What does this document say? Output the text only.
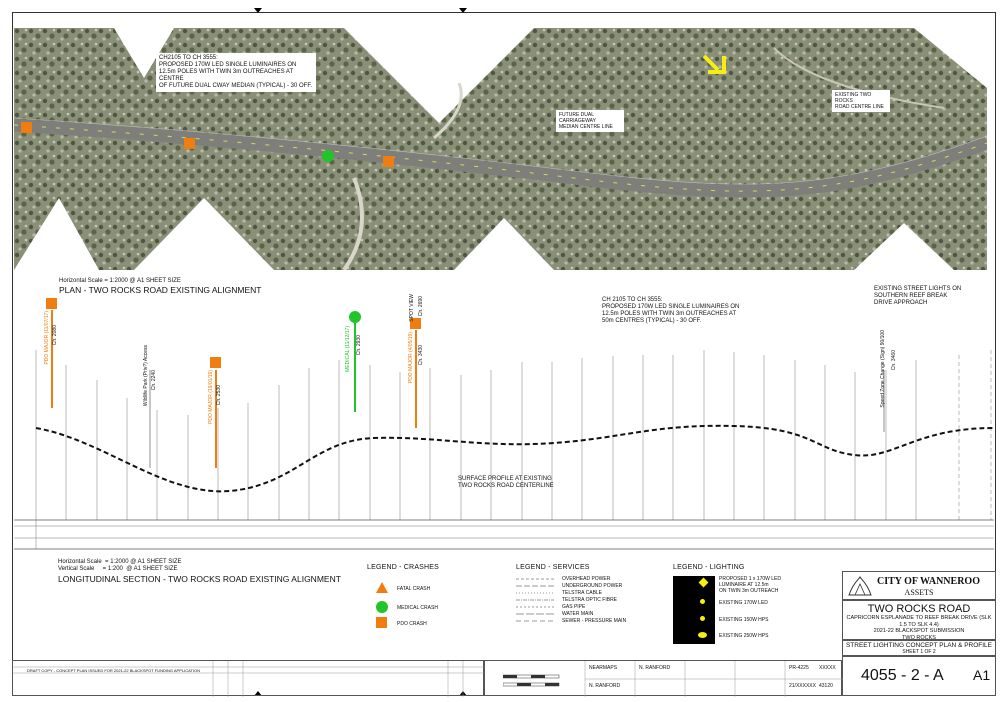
CH2105 TO CH 3555:
PROPOSED 170W LED SINGLE LUMINAIRES ON
12.5m POLES WITH TWIN 3m OUTREACHES AT CENTRE
OF FUTURE DUAL CWAY MEDIAN (TYPICAL) - 30 OFF.
FUTURE DUAL CARRIAGEWAY
MEDIAN CENTRE LINE
EXISTING TWO ROCKS
ROAD CENTRE LINE
Horizontal Scale = 1:2000 @ A1 SHEET SIZE
PLAN - TWO ROCKS ROAD EXISTING ALIGNMENT
PDO MAJOR (11/07/17) Ch. 2080
Wildlife Park (Priv?) Access Ch. 2240	PDO MAJOR (19/01/19) Ch. 2530
MEDICAL (11/12/17) Ch. 2930
SPOT VIEW Ch. 2690
PDO MAJOR (4/05/19) Ch. 3430	Speed Zone Change (Sign) 90/100 Ch. 3460
CH 2105 TO CH 3555:
PROPOSED 170W LED SINGLE LUMINAIRES ON
12.5m POLES WITH TWIN 3m OUTREACHES AT
50m CENTRES (TYPICAL) - 30 OFF.
EXISTING STREET LIGHTS ON
SOUTHERN REEF BREAK
DRIVE APPROACH
SURFACE PROFILE AT EXISTING
TWO ROCKS ROAD CENTERLINE
Horizontal Scale  = 1:2000 @ A1 SHEET SIZE
Vertical Scale     = 1:200  @ A1 SHEET SIZE
LONGITUDINAL SECTION - TWO ROCKS ROAD EXISTING ALIGNMENT
LEGEND - CRASHES
FATAL CRASH
MEDICAL CRASH
PDO CRASH
LEGEND - SERVICES
OVERHEAD POWER
UNDERGROUND POWER
TELSTRA CABLE
TELSTRA OPTIC FIBRE
GAS PIPE
WATER MAIN
SEWER - PRESSURE MAIN
LEGEND - LIGHTING
PROPOSED 1 x 170W LED
LUMINAIRE AT 12.5m
ON TWIN 3m OUTREACH
EXISTING 170W LED
EXISTING 150W HPS
EXISTING 250W HPS
CITY OF WANNEROO
ASSETS
TWO ROCKS ROAD
CAPRICORN ESPLANADE TO REEF BREAK DRIVE (SLK 1.5 TO SLK 4.4)
2021-22 BLACKSPOT SUBMISSION
TWO ROCKS
STREET LIGHTING CONCEPT PLAN & PROFILE
SHEET 1 OF 2
4055 - 2 - A A1
DRAFT COPY - CONCEPT PLAN ISSUED FOR 2021-22 BLACKSPOT FUNDING APPLICATION	NEARMAPS	N. RANFORD
N. RANFORD
PR-4225 XXXXX
21/XXXXXX 43120
